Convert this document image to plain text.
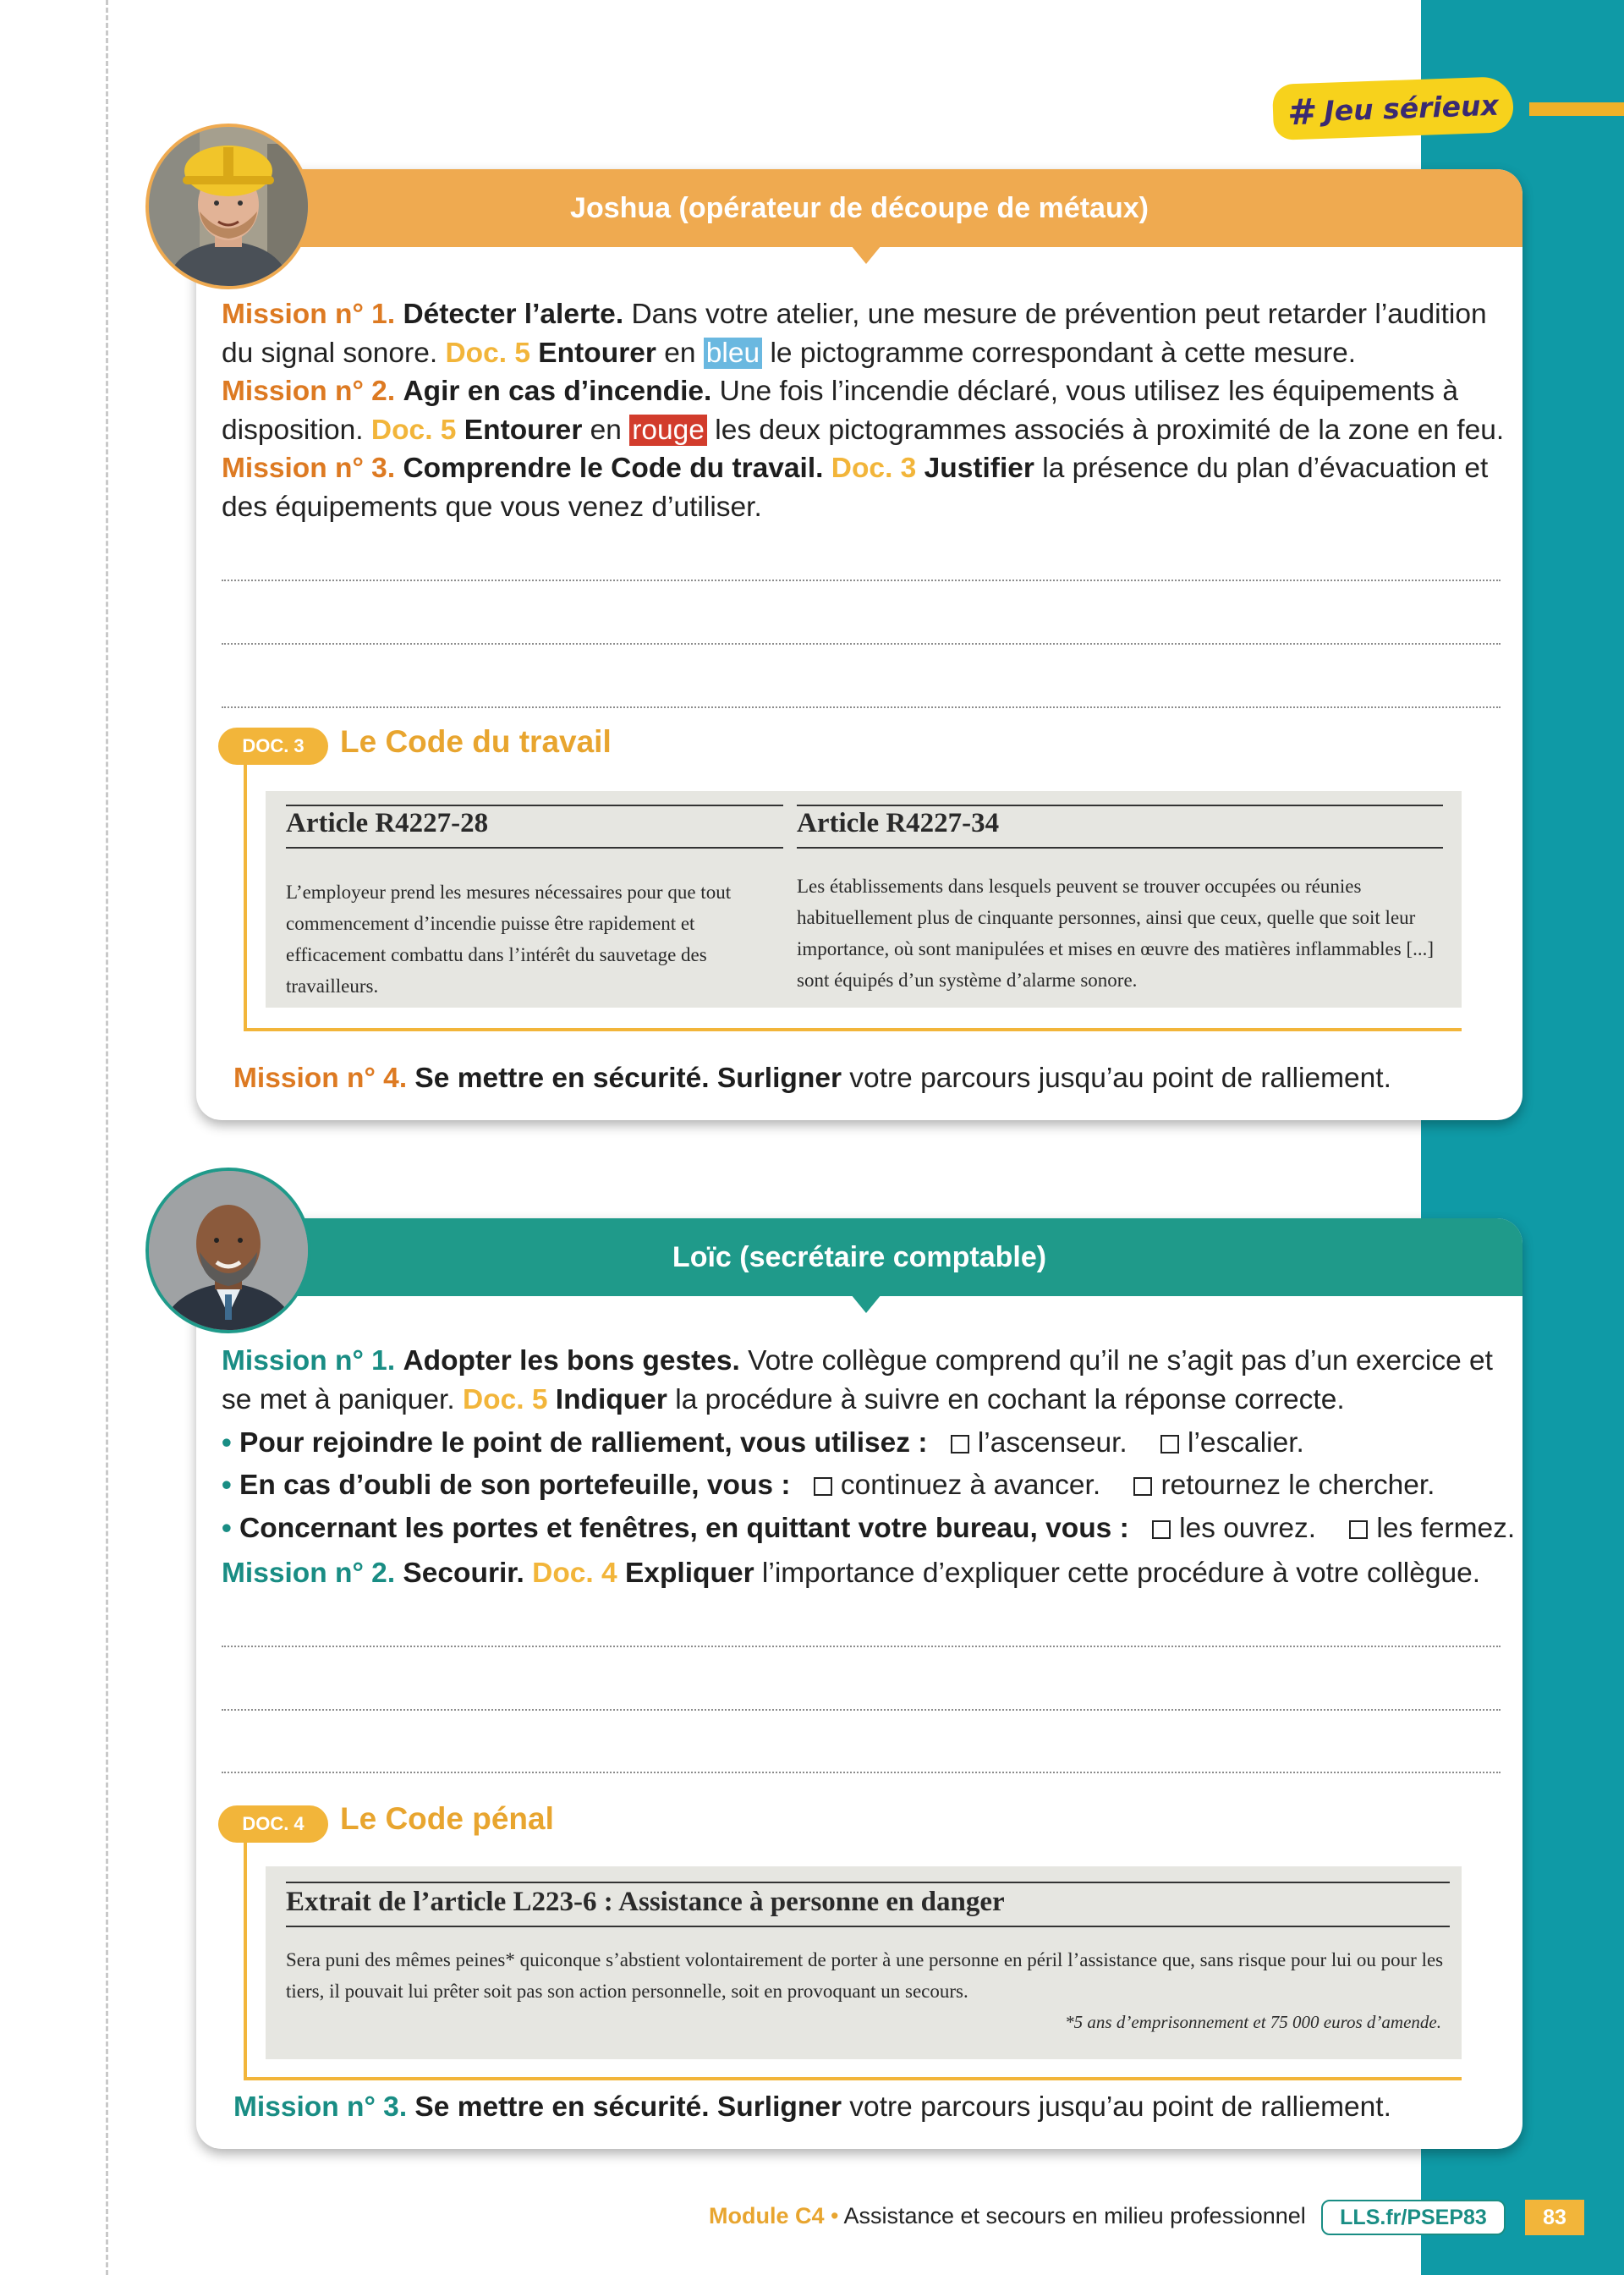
# Jeu sérieux
Joshua (opérateur de découpe de métaux)
Mission n° 1. Détecter l’alerte. Dans votre atelier, une mesure de prévention peut retarder l’audition du signal sonore. Doc. 5 Entourer en bleu le pictogramme correspondant à cette mesure.
Mission n° 2. Agir en cas d’incendie. Une fois l’incendie déclaré, vous utilisez les équipements à disposition. Doc. 5 Entourer en rouge les deux pictogrammes associés à proximité de la zone en feu.
Mission n° 3. Comprendre le Code du travail. Doc. 3 Justifier la présence du plan d’évacuation et des équipements que vous venez d’utiliser.
DOC. 3	Le Code du travail
Article R4227-28
L’employeur prend les mesures nécessaires pour que tout commencement d’incendie puisse être rapidement et efficacement combattu dans l’intérêt du sauvetage des travailleurs.
Article R4227-34
Les établissements dans lesquels peuvent se trouver occupées ou réunies habituellement plus de cinquante personnes, ainsi que ceux, quelle que soit leur importance, où sont manipulées et mises en œuvre des matières inflammables [...] sont équipés d’un système d’alarme sonore.
Mission n° 4. Se mettre en sécurité. Surligner votre parcours jusqu’au point de ralliement.
Loïc (secrétaire comptable)
Mission n° 1. Adopter les bons gestes. Votre collègue comprend qu’il ne s’agit pas d’un exercice et se met à paniquer. Doc. 5 Indiquer la procédure à suivre en cochant la réponse correcte.
• Pour rejoindre le point de ralliement, vous utilisez : l’ascenseur. l’escalier.
• En cas d’oubli de son portefeuille, vous : continuez à avancer. retournez le chercher.
• Concernant les portes et fenêtres, en quittant votre bureau, vous : les ouvrez. les fermez.
Mission n° 2. Secourir. Doc. 4 Expliquer l’importance d’expliquer cette procédure à votre collègue.
DOC. 4	Le Code pénal
Extrait de l’article L223-6 : Assistance à personne en danger
Sera puni des mêmes peines* quiconque s’abstient volontairement de porter à une personne en péril l’assistance que, sans risque pour lui ou pour les tiers, il pouvait lui prêter soit pas son action personnelle, soit en provoquant un secours.
*5 ans d’emprisonnement et 75 000 euros d’amende.
Mission n° 3. Se mettre en sécurité. Surligner votre parcours jusqu’au point de ralliement.
Module C4 • Assistance et secours en milieu professionnel	LLS.fr/PSEP83	83
